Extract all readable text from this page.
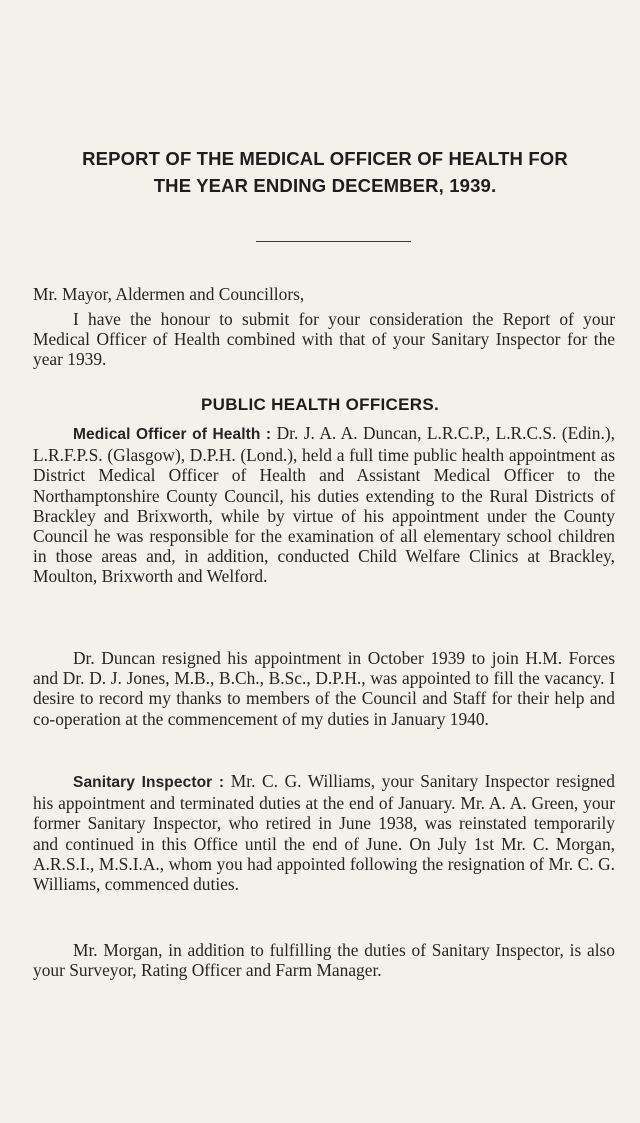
REPORT OF THE MEDICAL OFFICER OF HEALTH FOR
THE YEAR ENDING DECEMBER, 1939.
Mr. Mayor, Aldermen and Councillors,

I have the honour to submit for your consideration the Report of your Medical Officer of Health combined with that of your Sanitary Inspector for the year 1939.

PUBLIC HEALTH OFFICERS.

Medical Officer of Health : Dr. J. A. A. Duncan, L.R.C.P., L.R.C.S. (Edin.), L.R.F.P.S. (Glasgow), D.P.H. (Lond.), held a full time public health appointment as District Medical Officer of Health and Assistant Medical Officer to the Northamptonshire County Council, his duties extending to the Rural Districts of Brackley and Brixworth, while by virtue of his appointment under the County Council he was responsible for the examination of all elementary school children in those areas and, in addition, conducted Child Welfare Clinics at Brackley, Moulton, Brixworth and Welford.

Dr. Duncan resigned his appointment in October 1939 to join H.M. Forces and Dr. D. J. Jones, M.B., B.Ch., B.Sc., D.P.H., was appointed to fill the vacancy. I desire to record my thanks to members of the Council and Staff for their help and co-operation at the commencement of my duties in January 1940.

Sanitary Inspector : Mr. C. G. Williams, your Sanitary Inspector resigned his appointment and terminated duties at the end of January. Mr. A. A. Green, your former Sanitary Inspector, who retired in June 1938, was reinstated temporarily and continued in this Office until the end of June. On July 1st Mr. C. Morgan, A.R.S.I., M.S.I.A., whom you had appointed following the resignation of Mr. C. G. Williams, commenced duties.

Mr. Morgan, in addition to fulfilling the duties of Sanitary Inspector, is also your Surveyor, Rating Officer and Farm Manager.
